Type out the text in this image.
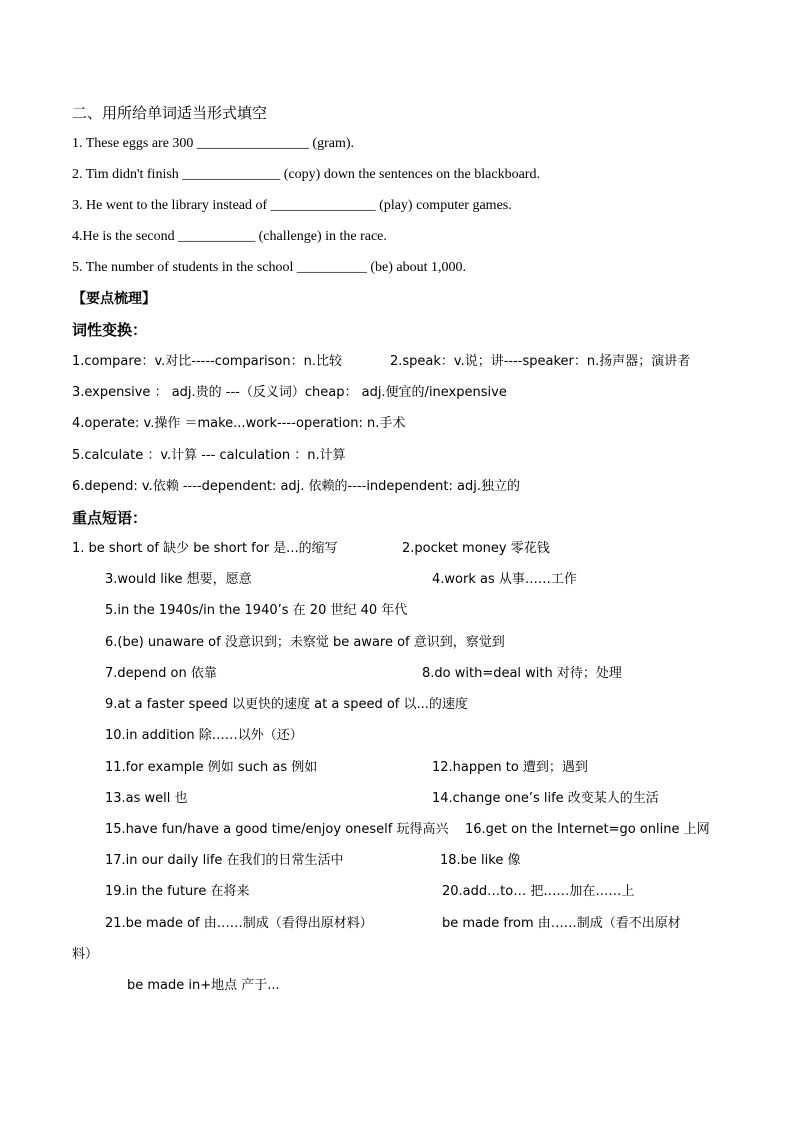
二、用所给单词适当形式填空
1. These eggs are 300 ________________ (gram).
2. Tim didn't finish ______________ (copy) down the sentences on the blackboard.
3. He went to the library instead of _______________ (play) computer games.
4.He is the second ___________ (challenge) in the race.
5. The number of students in the school __________ (be) about 1,000.
【要点梳理】
词性变换：
1.compare：v.对比-----comparison：n.比较	2.speak：v.说；讲----speaker：n.扬声器；演讲者
3.expensive ： adj.贵的 ---（反义词）cheap： adj.便宜的/inexpensive
4.operate: v.操作 ＝make...work----operation: n.手术
5.calculate ：v.计算 --- calculation ：n.计算
6.depend: v.依赖 ----dependent: adj. 依赖的----independent: adj.独立的
重点短语：
1. be short of 缺少 be short for 是...的缩写	2.pocket money 零花钱
3.would like 想要，愿意	4.work as 从事……工作
5.in the 1940s/in the 1940’s 在 20 世纪 40 年代
6.(be) unaware of 没意识到；未察觉 be aware of 意识到，察觉到
7.depend on 依靠	8.do with=deal with 对待；处理
9.at a faster speed 以更快的速度 at a speed of 以...的速度
10.in addition 除……以外（还）
11.for example 例如 such as 例如	12.happen to 遭到；遇到
13.as well 也	14.change one’s life 改变某人的生活
15.have fun/have a good time/enjoy oneself 玩得高兴 16.get on the Internet=go online 上网
17.in our daily life 在我们的日常生活中	18.be like 像
19.in the future 在将来	20.add…to… 把……加在……上
21.be made of 由……制成（看得出原材料）	be made from 由……制成（看不出原材
料）
be made in+地点 产于...
